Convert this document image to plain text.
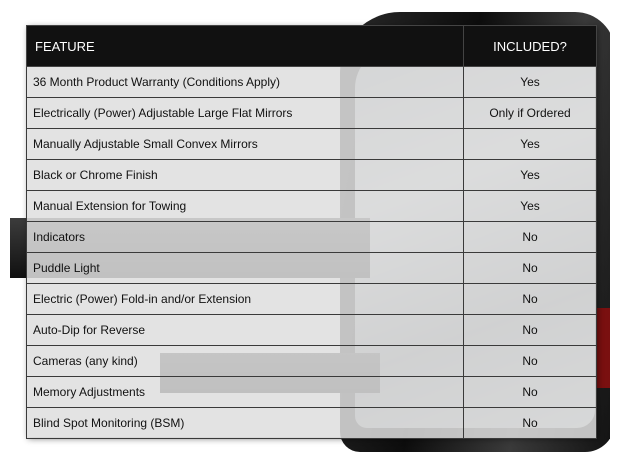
FEATURE	INCLUDED?
36 Month Product Warranty (Conditions Apply)	Yes
Electrically (Power) Adjustable Large Flat Mirrors	Only if Ordered
Manually Adjustable Small Convex Mirrors	Yes
Black or Chrome Finish	Yes
Manual Extension for Towing	Yes
Indicators	No
Puddle Light	No
Electric (Power) Fold-in and/or Extension	No
Auto-Dip for Reverse	No
Cameras (any kind)	No
Memory Adjustments	No
Blind Spot Monitoring (BSM)	No
